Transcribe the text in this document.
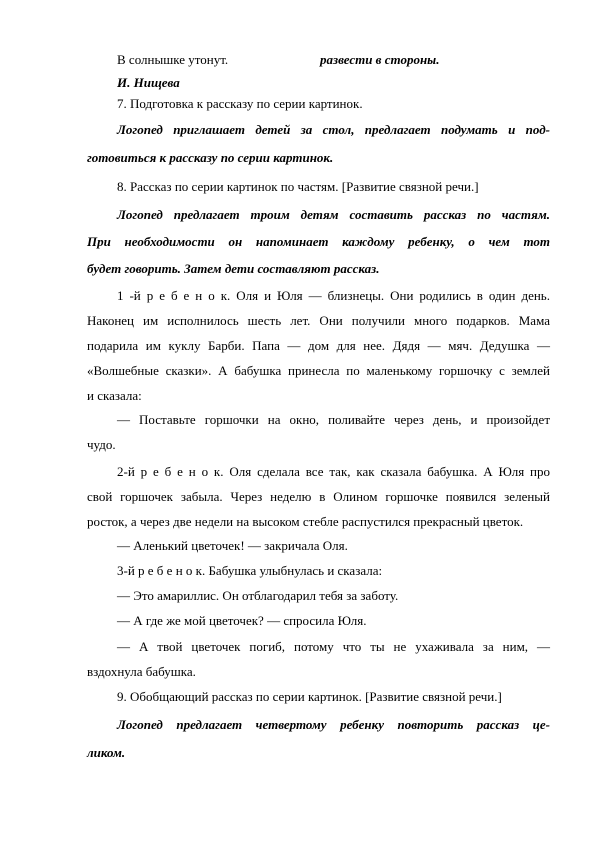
В солнышке утонут.	развести в стороны.
И. Нищева
7. Подготовка к рассказу по серии картинок.
Логопед приглашает детей за стол, предлагает подумать и под-
готовиться к рассказу по серии картинок.
8. Рассказ по серии картинок по частям. [Развитие связной речи.]
Логопед предлагает троим детям составить рассказ по частям.
При необходимости он напоминает каждому ребенку, о чем тот
будет говорить. Затем дети составляют рассказ.
1 -й р е б е н о к. Оля и Юля — близнецы. Они родились в один день.
Наконец им исполнилось шесть лет. Они получили много подарков. Мама
подарила им куклу Барби. Папа — дом для нее. Дядя — мяч. Дедушка —
«Волшебные сказки». А бабушка принесла по маленькому горшочку с землей
и сказала:
— Поставьте горшочки на окно, поливайте через день, и произойдет
чудо.
2-й р е б е н о к. Оля сделала все так, как сказала бабушка. А Юля про
свой горшочек забыла. Через неделю в Олином горшочке появился зеленый
росток, а через две недели на высоком стебле распустился прекрасный цветок.
— Аленький цветочек! — закричала Оля.
3-й р е б е н о к. Бабушка улыбнулась и сказала:
— Это амариллис. Он отблагодарил тебя за заботу.
— А где же мой цветочек? — спросила Юля.
— А твой цветочек погиб, потому что ты не ухаживала за ним, —
вздохнула бабушка.
9. Обобщающий рассказ по серии картинок. [Развитие связной речи.]
Логопед предлагает четвертому ребенку повторить рассказ це-
ликом.
